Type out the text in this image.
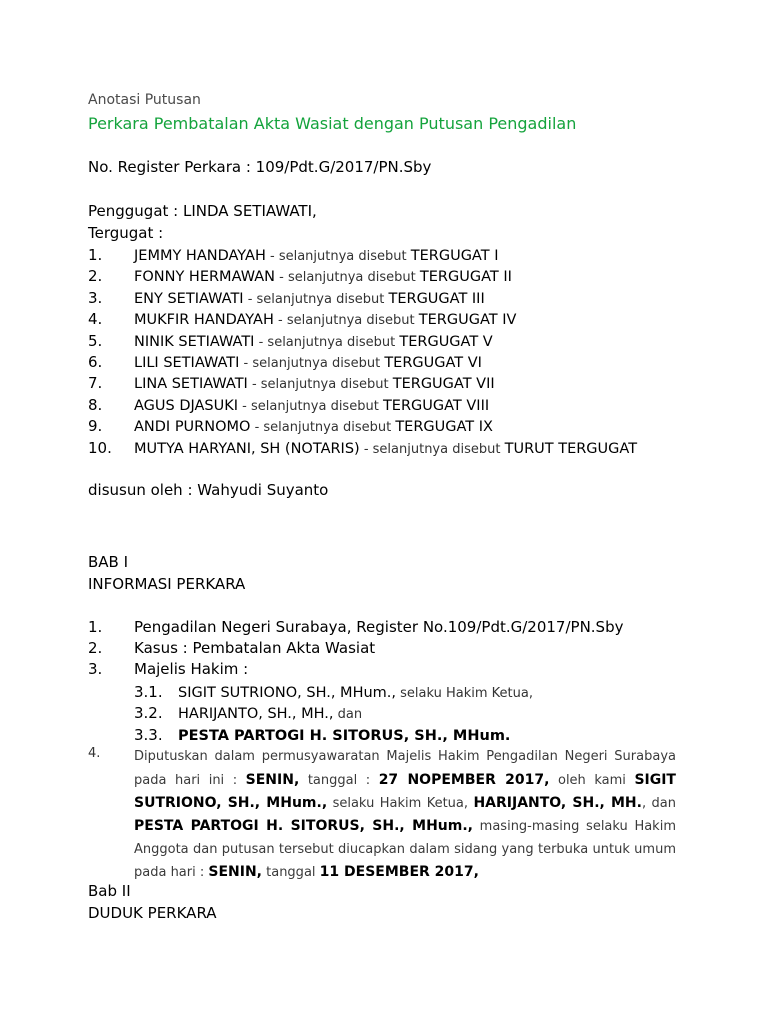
Anotasi Putusan
Perkara Pembatalan Akta Wasiat dengan Putusan Pengadilan
No. Register Perkara : 109/Pdt.G/2017/PN.Sby
Penggugat : LINDA SETIAWATI,
Tergugat :
1.	JEMMY HANDAYAH - selanjutnya disebut TERGUGAT I
2.	FONNY HERMAWAN - selanjutnya disebut TERGUGAT II
3.	ENY SETIAWATI - selanjutnya disebut TERGUGAT III
4.	MUKFIR HANDAYAH - selanjutnya disebut TERGUGAT IV
5.	NINIK SETIAWATI - selanjutnya disebut TERGUGAT V
6.	LILI SETIAWATI - selanjutnya disebut TERGUGAT VI
7.	LINA SETIAWATI - selanjutnya disebut TERGUGAT VII
8.	AGUS DJASUKI - selanjutnya disebut TERGUGAT VIII
9.	ANDI PURNOMO - selanjutnya disebut TERGUGAT IX
10.	MUTYA HARYANI, SH (NOTARIS) - selanjutnya disebut TURUT TERGUGAT
disusun oleh : Wahyudi Suyanto
BAB I
INFORMASI PERKARA
1.	Pengadilan Negeri Surabaya, Register No.109/Pdt.G/2017/PN.Sby
2.	Kasus : Pembatalan Akta Wasiat
3.	Majelis Hakim :
3.1.	SIGIT SUTRIONO, SH., MHum., selaku Hakim Ketua,
3.2.	HARIJANTO, SH., MH., dan
3.3.	PESTA PARTOGI H. SITORUS, SH., MHum.
4.	Diputuskan dalam permusyawaratan Majelis Hakim Pengadilan Negeri Surabaya pada hari ini : SENIN, tanggal : 27 NOPEMBER 2017, oleh kami SIGIT SUTRIONO, SH., MHum., selaku Hakim Ketua, HARIJANTO, SH., MH., dan PESTA PARTOGI H. SITORUS, SH., MHum., masing-masing selaku Hakim Anggota dan putusan tersebut diucapkan dalam sidang yang terbuka untuk umum pada hari : SENIN, tanggal 11 DESEMBER 2017,
Bab II
DUDUK PERKARA
